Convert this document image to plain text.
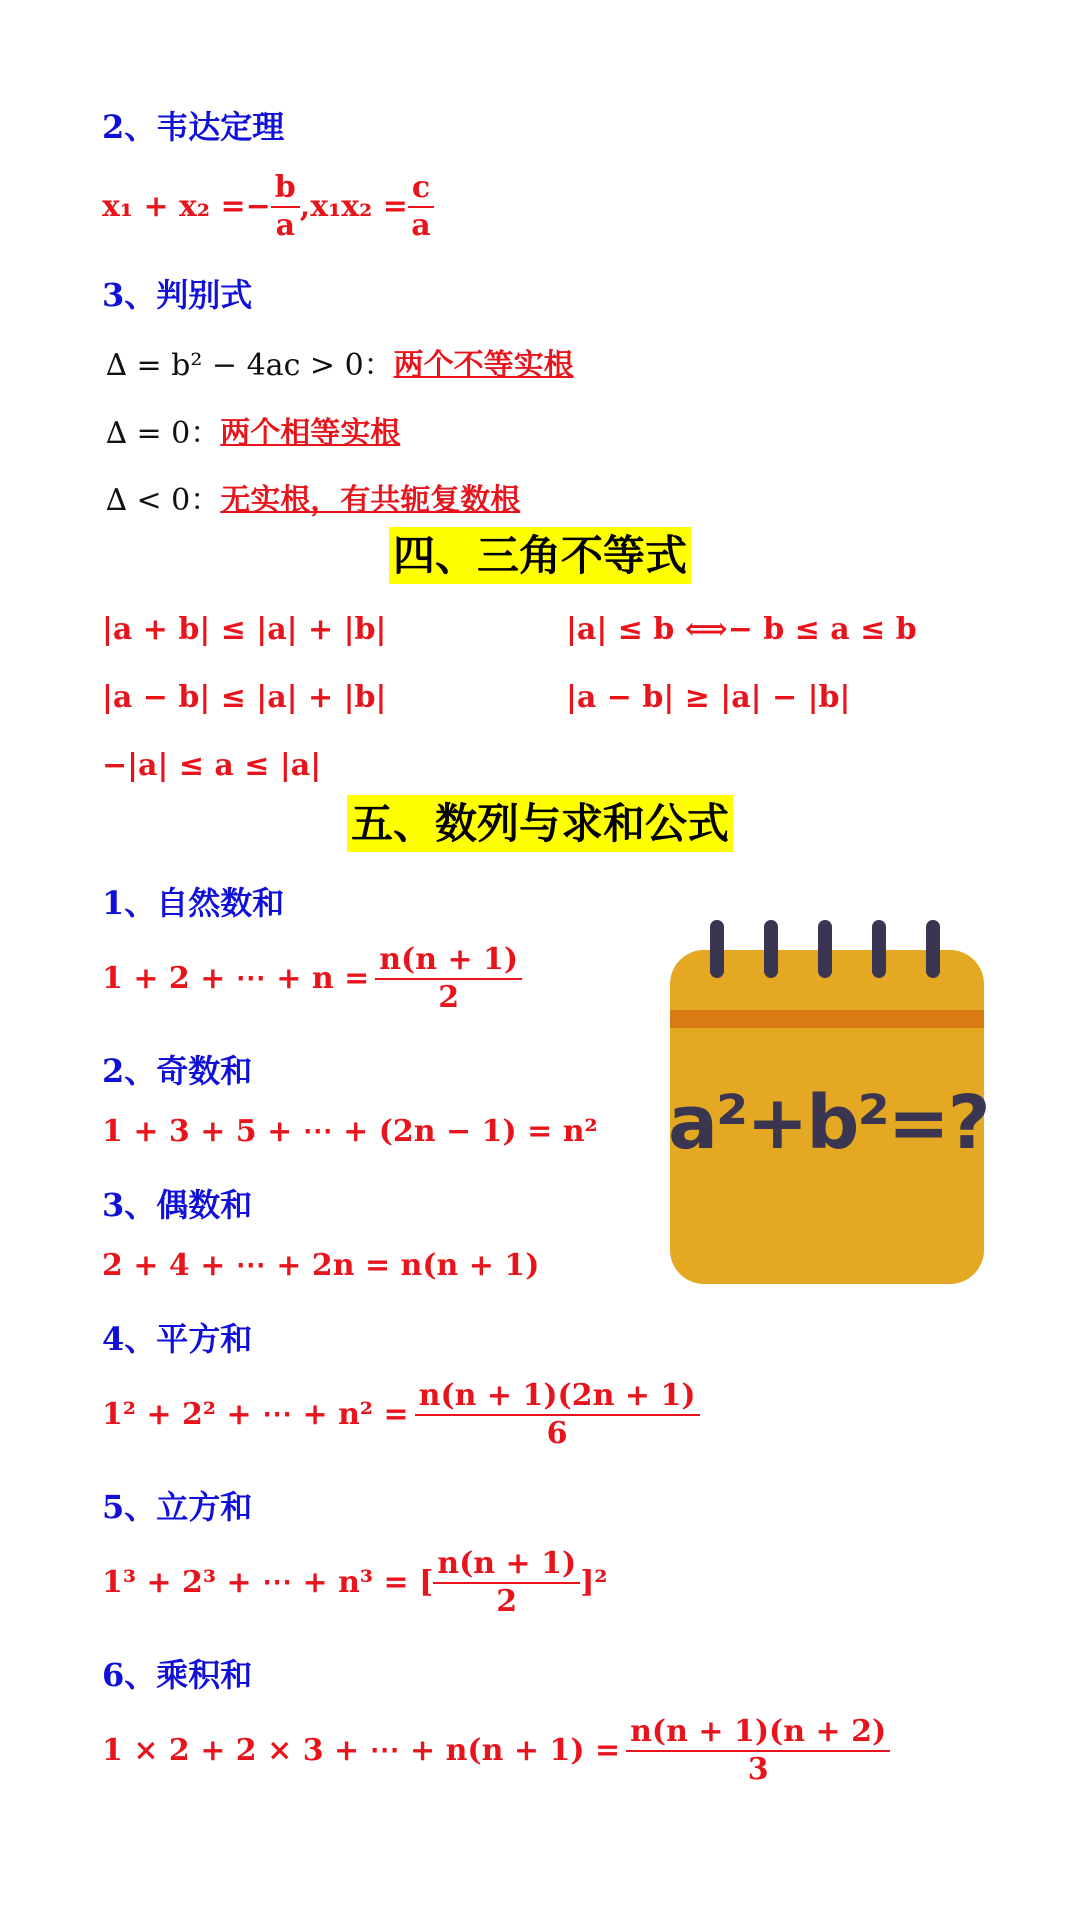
2、韦达定理
$x_1 + x_2 =- \frac{b}{a} ,x_1x_2 = \frac{c}{a}$
3、判别式
∆ = b² − 4ac > 0： 两个不等实根
∆ = 0： 两个相等实根
∆ < 0： 无实根，有共轭复数根
四、三角不等式
|a + b| ≤ |a| + |b|	|a| ≤ b ⟺− b ≤ a ≤ b
|a − b| ≤ |a| + |b|	|a − b| ≥ |a| − |b|
−|a| ≤ a ≤ |a|
五、数列与求和公式
1、自然数和
1 + 2 + ⋯ + $n = \frac{n(n + 1)}{2}$
2、奇数和
1 + 3 + 5 + ⋯ + (2n − 1) = n²
3、偶数和
2 + 4 + ⋯ + 2n = n(n + 1)
4、平方和
1² + 2² + ⋯ + $n^2 = \frac{n(n + 1)(2n + 1)}{6}$
5、立方和
1³ + 2³ + ⋯ + n³ = [ $\frac{n(n + 1)}{2} ]^2$
6、乘积和
1 × 2 + 2 × 3 + ⋯ + $n(n + 1) = \frac{n(n + 1)(n + 2)}{3}$
a²+b²=?
